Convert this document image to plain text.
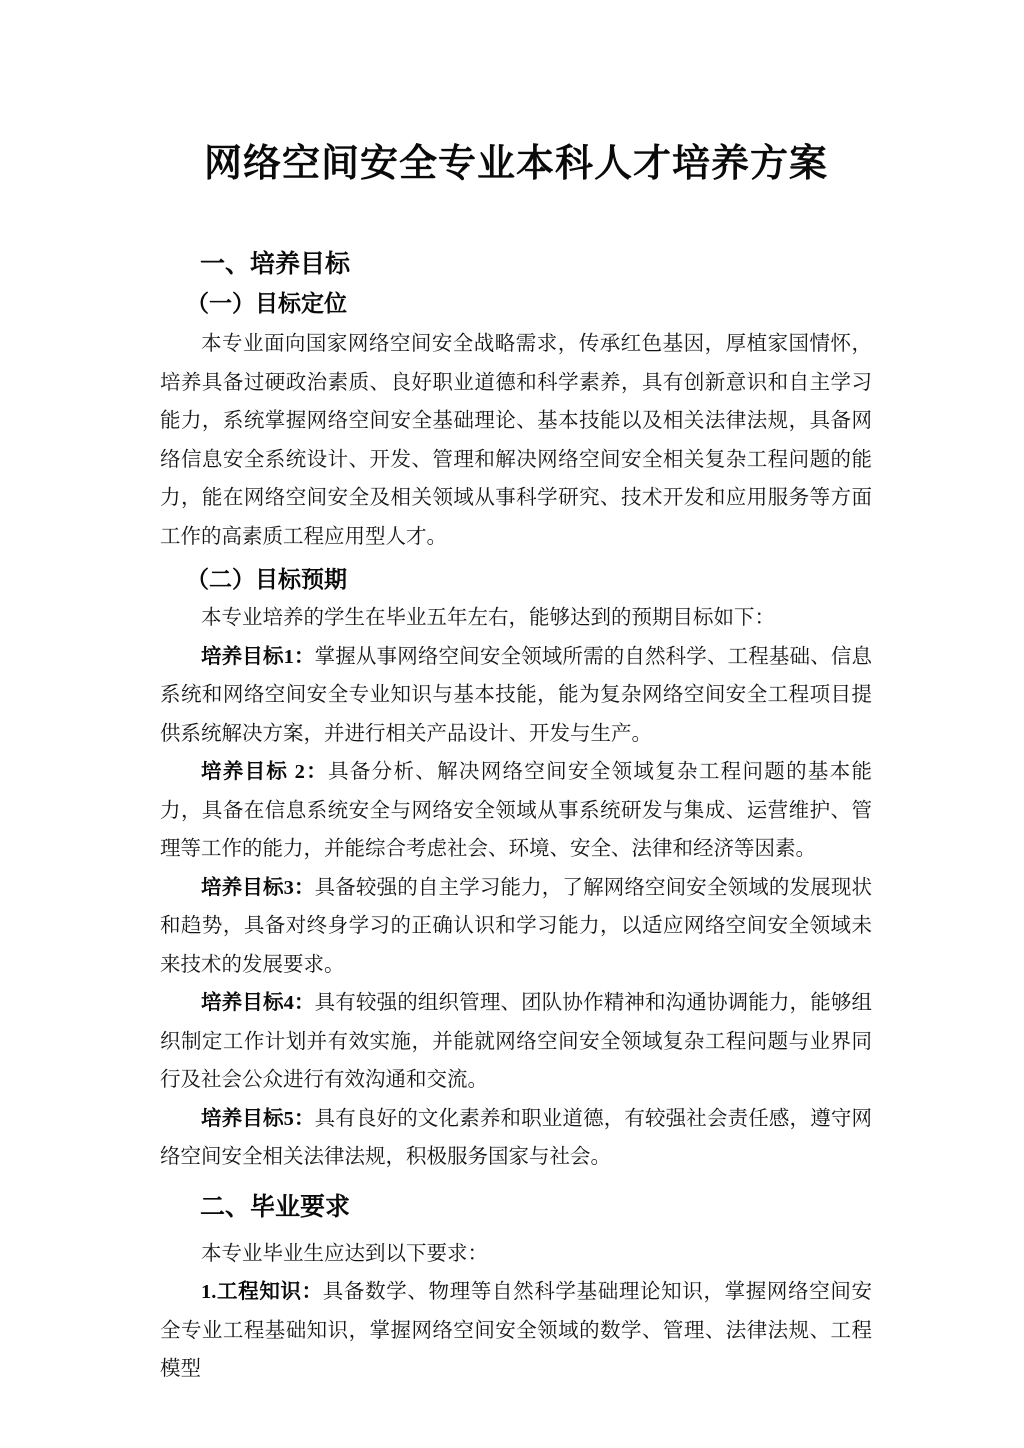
网络空间安全专业本科人才培养方案
一、培养目标
（一）目标定位

本专业面向国家网络空间安全战略需求，传承红色基因，厚植家国情怀，培养具备过硬政治素质、良好职业道德和科学素养，具有创新意识和自主学习能力，系统掌握网络空间安全基础理论、基本技能以及相关法律法规，具备网络信息安全系统设计、开发、管理和解决网络空间安全相关复杂工程问题的能力，能在网络空间安全及相关领域从事科学研究、技术开发和应用服务等方面工作的高素质工程应用型人才。

（二）目标预期

本专业培养的学生在毕业五年左右，能够达到的预期目标如下：

培养目标1：掌握从事网络空间安全领域所需的自然科学、工程基础、信息系统和网络空间安全专业知识与基本技能，能为复杂网络空间安全工程项目提供系统解决方案，并进行相关产品设计、开发与生产。

培养目标 2：具备分析、解决网络空间安全领域复杂工程问题的基本能力，具备在信息系统安全与网络安全领域从事系统研发与集成、运营维护、管理等工作的能力，并能综合考虑社会、环境、安全、法律和经济等因素。

培养目标3：具备较强的自主学习能力，了解网络空间安全领域的发展现状和趋势，具备对终身学习的正确认识和学习能力，以适应网络空间安全领域未来技术的发展要求。

培养目标4：具有较强的组织管理、团队协作精神和沟通协调能力，能够组织制定工作计划并有效实施，并能就网络空间安全领域复杂工程问题与业界同行及社会公众进行有效沟通和交流。

培养目标5：具有良好的文化素养和职业道德，有较强社会责任感，遵守网络空间安全相关法律法规，积极服务国家与社会。

二、毕业要求

本专业毕业生应达到以下要求：

1.工程知识：具备数学、物理等自然科学基础理论知识，掌握网络空间安全专业工程基础知识，掌握网络空间安全领域的数学、管理、法律法规、工程模型
